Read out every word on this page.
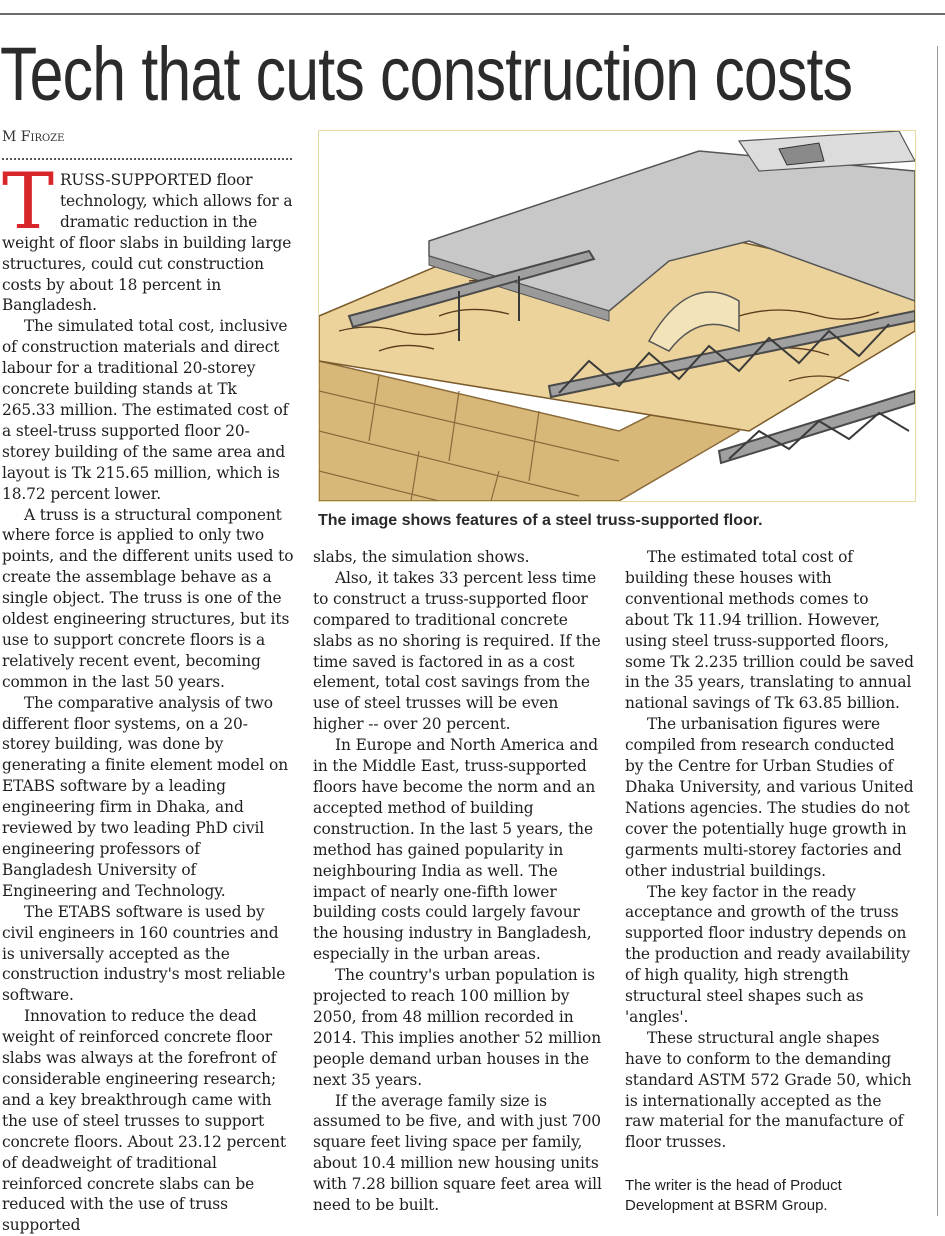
Tech that cuts construction costs
M Firoze

TRUSS-SUPPORTED floor technology, which allows for a dramatic reduction in the weight of floor slabs in building large structures, could cut construction costs by about 18 percent in Bangladesh.

The simulated total cost, inclusive of construction materials and direct labour for a traditional 20-storey concrete building stands at Tk 265.33 million. The estimated cost of a steel-truss supported floor 20-storey building of the same area and layout is Tk 215.65 million, which is 18.72 percent lower.

A truss is a structural component where force is applied to only two points, and the different units used to create the assemblage behave as a single object. The truss is one of the oldest engineering structures, but its use to support concrete floors is a relatively recent event, becoming common in the last 50 years.

The comparative analysis of two different floor systems, on a 20-storey building, was done by generating a finite element model on ETABS software by a leading engineering firm in Dhaka, and reviewed by two leading PhD civil engineering professors of Bangladesh University of Engineering and Technology.

The ETABS software is used by civil engineers in 160 countries and is universally accepted as the construction industry's most reliable software.

Innovation to reduce the dead weight of reinforced concrete floor slabs was always at the forefront of considerable engineering research; and a key breakthrough came with the use of steel trusses to support concrete floors. About 23.12 percent of deadweight of traditional reinforced concrete slabs can be reduced with the use of truss supported

The image shows features of a steel truss-supported floor.

slabs, the simulation shows.

Also, it takes 33 percent less time to construct a truss-supported floor compared to traditional concrete slabs as no shoring is required. If the time saved is factored in as a cost element, total cost savings from the use of steel trusses will be even higher -- over 20 percent.

In Europe and North America and in the Middle East, truss-supported floors have become the norm and an accepted method of building construction. In the last 5 years, the method has gained popularity in neighbouring India as well. The impact of nearly one-fifth lower building costs could largely favour the housing industry in Bangladesh, especially in the urban areas.

The country's urban population is projected to reach 100 million by 2050, from 48 million recorded in 2014. This implies another 52 million people demand urban houses in the next 35 years.

If the average family size is assumed to be five, and with just 700 square feet living space per family, about 10.4 million new housing units with 7.28 billion square feet area will need to be built.

The estimated total cost of building these houses with conventional methods comes to about Tk 11.94 trillion. However, using steel truss-supported floors, some Tk 2.235 trillion could be saved in the 35 years, translating to annual national savings of Tk 63.85 billion.

The urbanisation figures were compiled from research conducted by the Centre for Urban Studies of Dhaka University, and various United Nations agencies. The studies do not cover the potentially huge growth in garments multi-storey factories and other industrial buildings.

The key factor in the ready acceptance and growth of the truss supported floor industry depends on the production and ready availability of high quality, high strength structural steel shapes such as 'angles'.

These structural angle shapes have to conform to the demanding standard ASTM 572 Grade 50, which is internationally accepted as the raw material for the manufacture of floor trusses.

The writer is the head of Product Development at BSRM Group.
